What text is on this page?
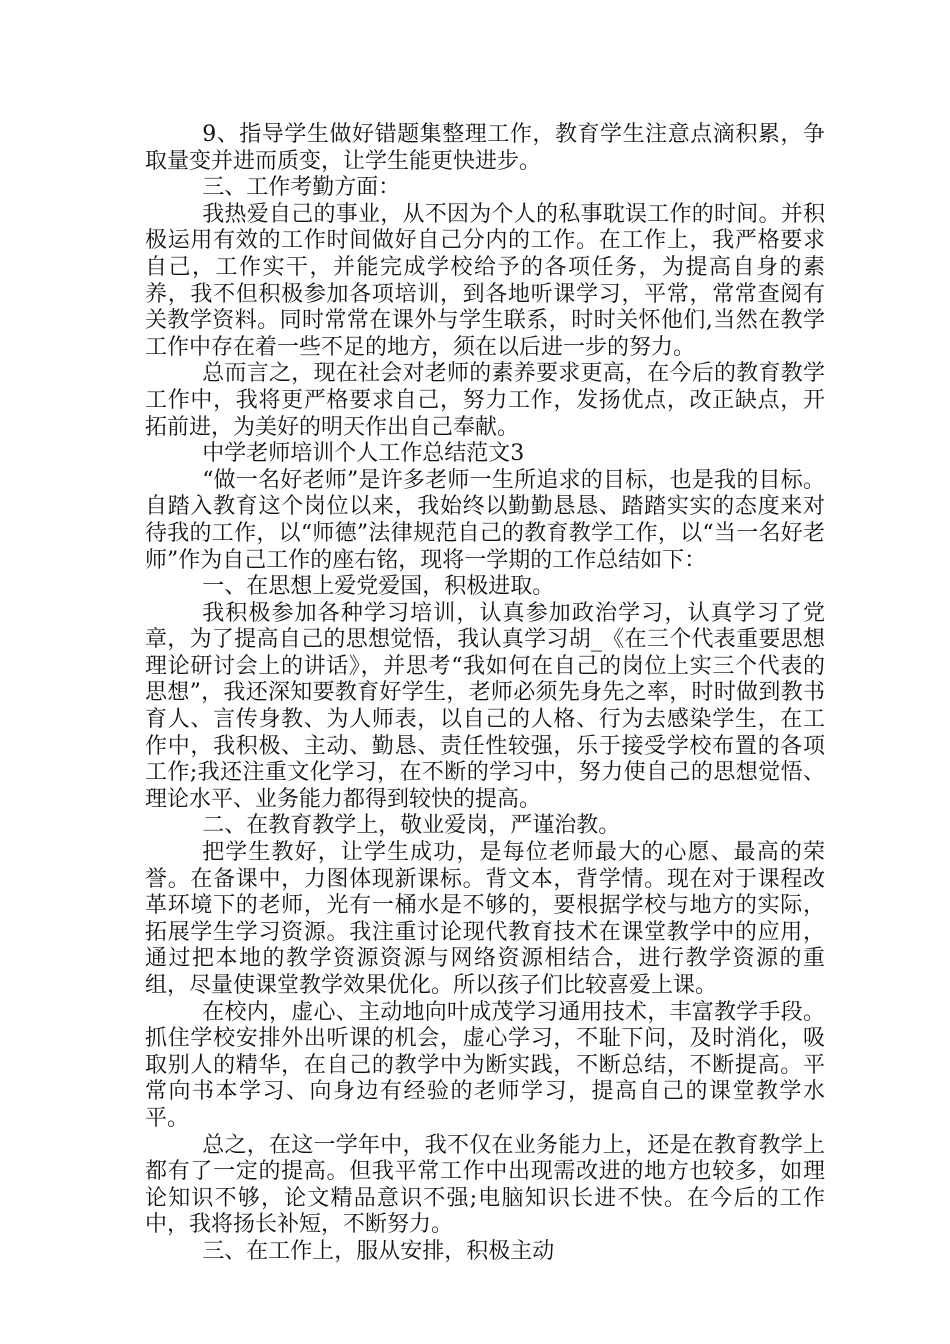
9、指导学生做好错题集整理工作，教育学生注意点滴积累，争取量变并进而质变，让学生能更快进步。

三、工作考勤方面：

我热爱自己的事业，从不因为个人的私事耽误工作的时间。并积极运用有效的工作时间做好自己分内的工作。在工作上，我严格要求自己，工作实干，并能完成学校给予的各项任务，为提高自身的素养，我不但积极参加各项培训，到各地听课学习，平常，常常查阅有关教学资料。同时常常在课外与学生联系，时时关怀他们,当然在教学工作中存在着一些不足的地方，须在以后进一步的努力。

总而言之，现在社会对老师的素养要求更高，在今后的教育教学工作中，我将更严格要求自己，努力工作，发扬优点，改正缺点，开拓前进，为美好的明天作出自己奉献。

中学老师培训个人工作总结范文3

“做一名好老师”是许多老师一生所追求的目标，也是我的目标。自踏入教育这个岗位以来，我始终以勤勤恳恳、踏踏实实的态度来对待我的工作，以“师德”法律规范自己的教育教学工作，以“当一名好老师”作为自己工作的座右铭，现将一学期的工作总结如下：

一、在思想上爱党爱国，积极进取。

我积极参加各种学习培训，认真参加政治学习，认真学习了党章，为了提高自己的思想觉悟，我认真学习胡_《在三个代表重要思想理论研讨会上的讲话》，并思考“我如何在自己的岗位上实三个代表的思想”，我还深知要教育好学生，老师必须先身先之率，时时做到教书育人、言传身教、为人师表，以自己的人格、行为去感染学生，在工作中，我积极、主动、勤恳、责任性较强，乐于接受学校布置的各项工作;我还注重文化学习，在不断的学习中，努力使自己的思想觉悟、理论水平、业务能力都得到较快的提高。

二、在教育教学上，敬业爱岗，严谨治教。

把学生教好，让学生成功，是每位老师最大的心愿、最高的荣誉。在备课中，力图体现新课标。背文本，背学情。现在对于课程改革环境下的老师，光有一桶水是不够的，要根据学校与地方的实际，拓展学生学习资源。我注重讨论现代教育技术在课堂教学中的应用，通过把本地的教学资源资源与网络资源相结合，进行教学资源的重组，尽量使课堂教学效果优化。所以孩子们比较喜爱上课。

在校内，虚心、主动地向叶成茂学习通用技术，丰富教学手段。抓住学校安排外出听课的机会，虚心学习，不耻下问，及时消化，吸取别人的精华，在自己的教学中为断实践，不断总结，不断提高。平常向书本学习、向身边有经验的老师学习，提高自己的课堂教学水平。

总之，在这一学年中，我不仅在业务能力上，还是在教育教学上都有了一定的提高。但我平常工作中出现需改进的地方也较多，如理论知识不够，论文精品意识不强;电脑知识长进不快。在今后的工作中，我将扬长补短，不断努力。

三、在工作上，服从安排，积极主动
